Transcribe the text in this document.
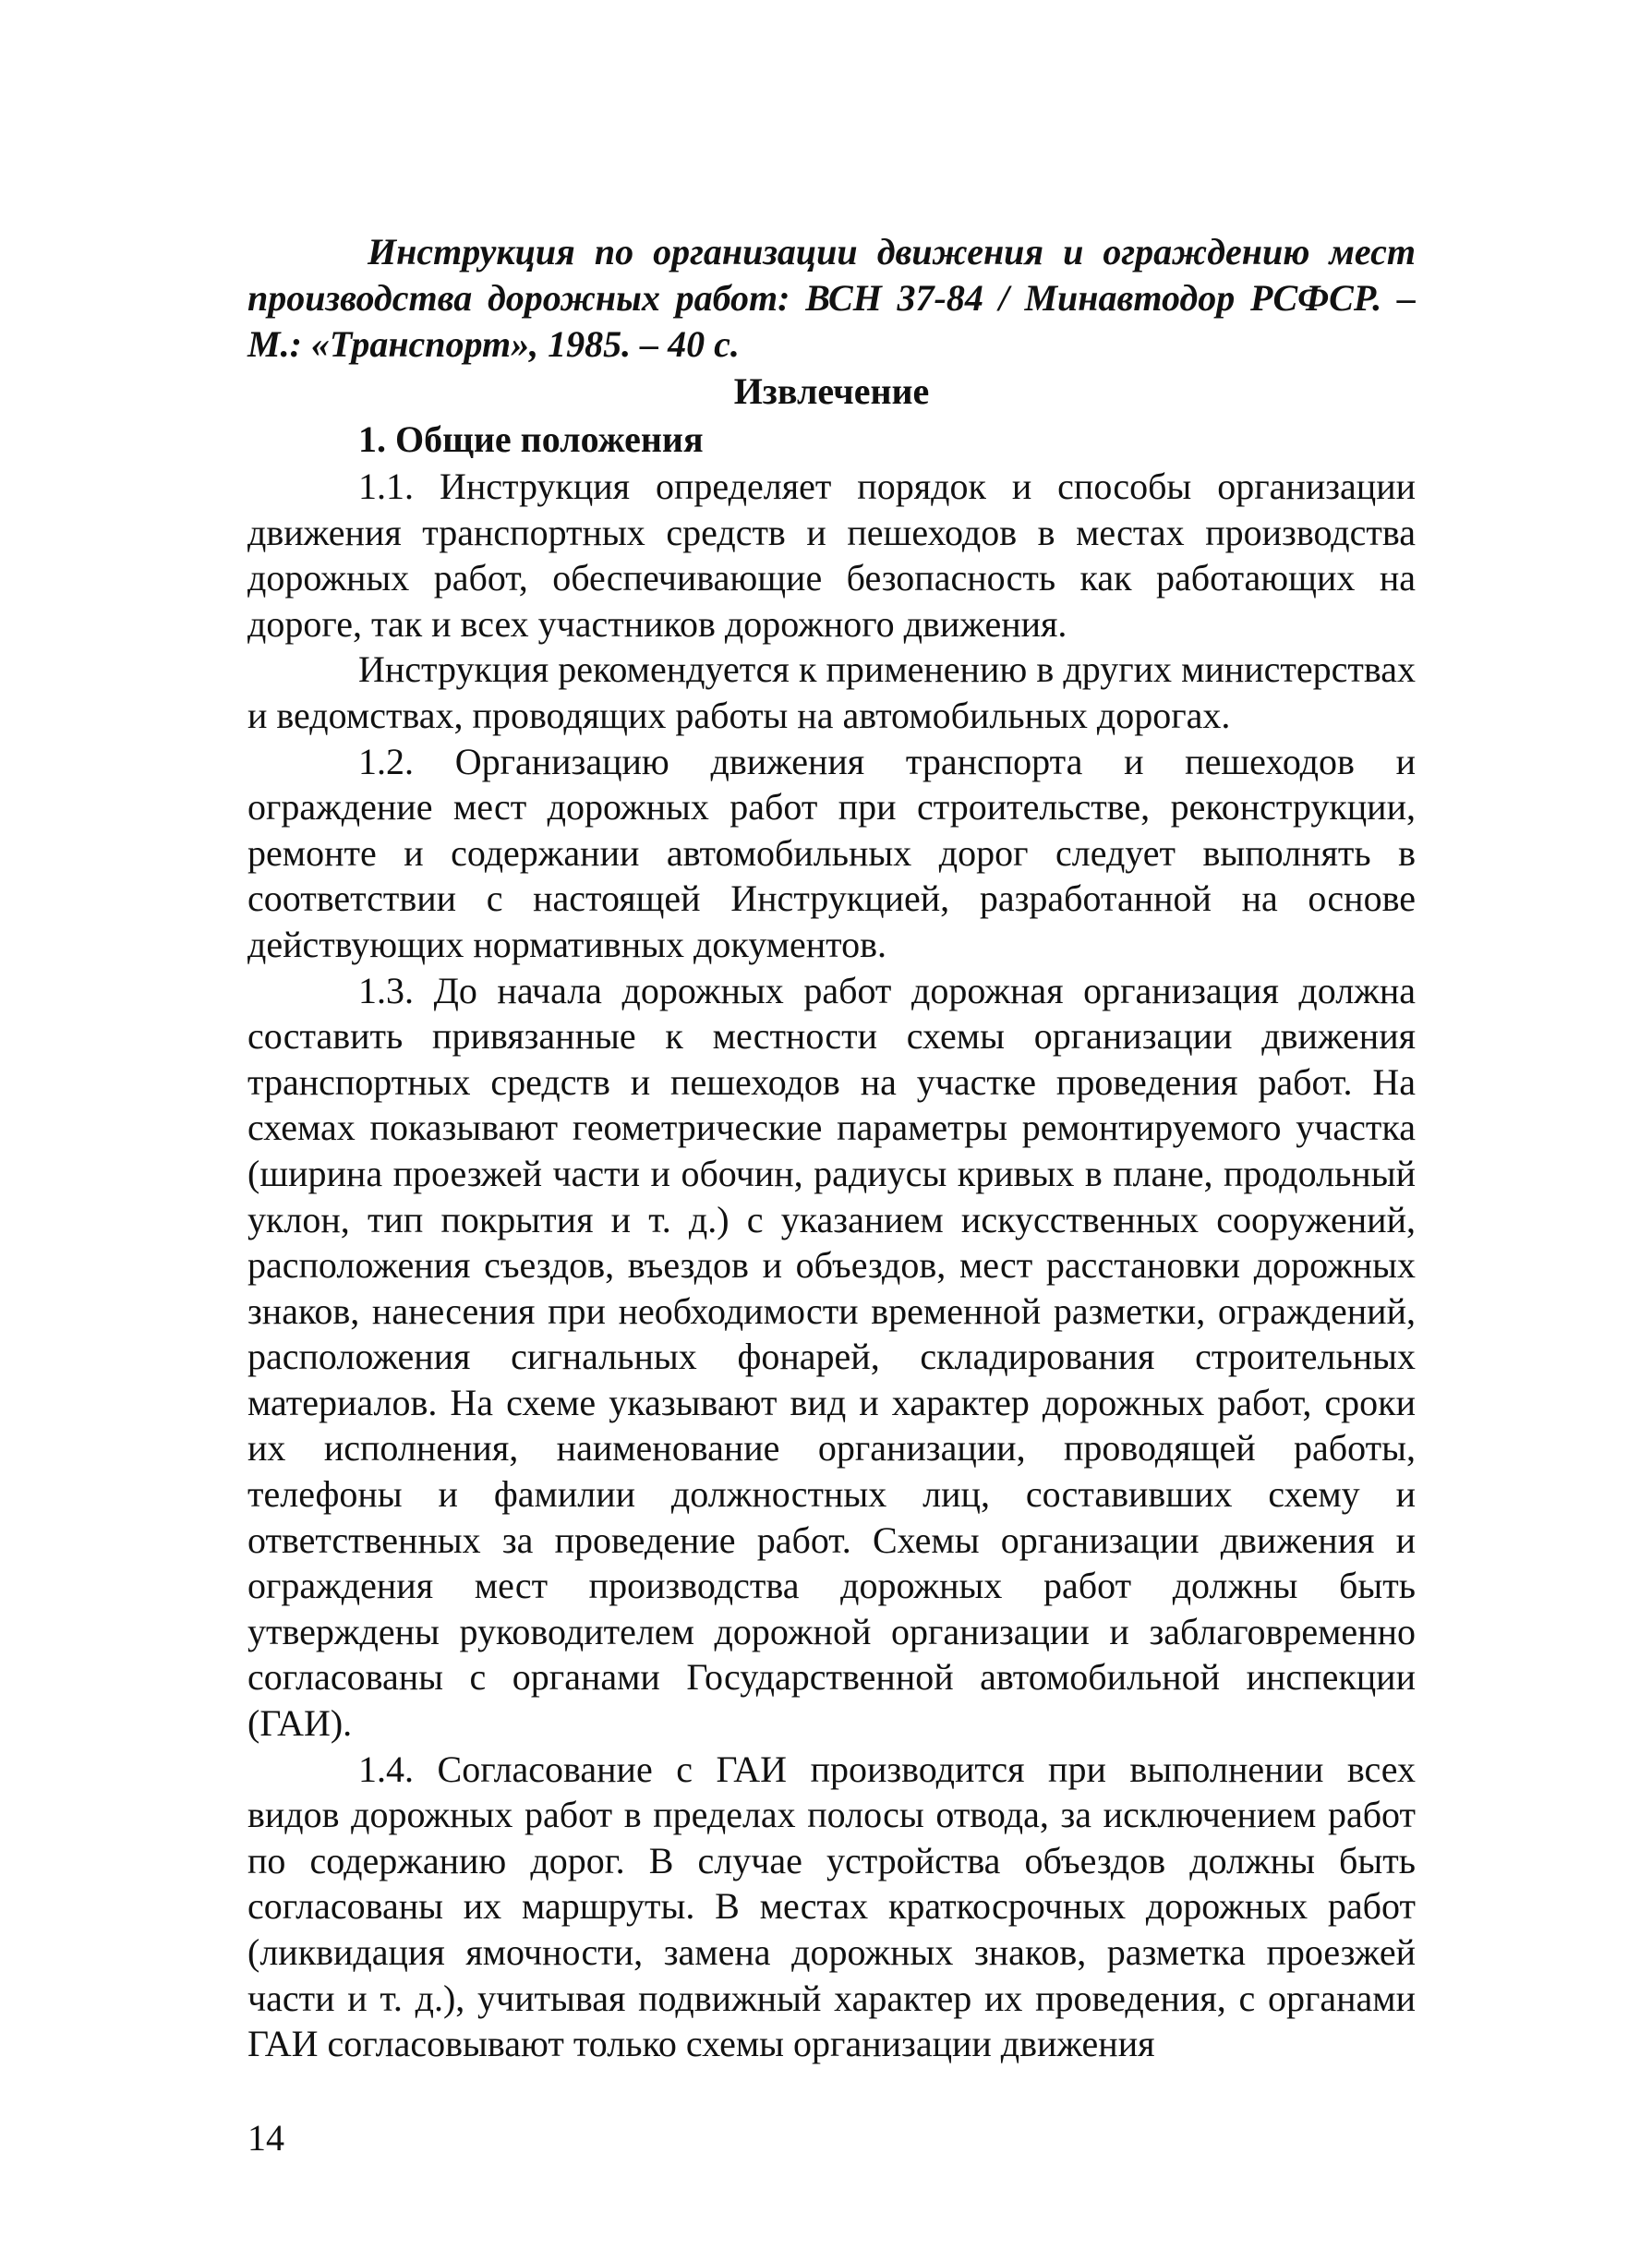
Инструкция по организации движения и ограждению мест производства дорожных работ: ВСН 37-84 / Минавтодор РСФСР. – М.: «Транспорт», 1985. – 40 с.

Извлечение

1. Общие положения

1.1. Инструкция определяет порядок и способы организации движения транспортных средств и пешеходов в местах производства дорожных работ, обеспечивающие безопасность как работающих на дороге, так и всех участников дорожного движения.

Инструкция рекомендуется к применению в других министерствах и ведомствах, проводящих работы на автомобильных дорогах.

1.2. Организацию движения транспорта и пешеходов и ограждение мест дорожных работ при строительстве, реконструкции, ремонте и содержании автомобильных дорог следует выполнять в соответствии с настоящей Инструкцией, разработанной на основе действующих нормативных документов.

1.3. До начала дорожных работ дорожная организация должна составить привязанные к местности схемы организации движения транспортных средств и пешеходов на участке проведения работ. На схемах показывают геометрические параметры ремонтируемого участка (ширина проезжей части и обочин, радиусы кривых в плане, продольный уклон, тип покрытия и т. д.) с указанием искусственных сооружений, расположения съездов, въездов и объездов, мест расстановки дорожных знаков, нанесения при необходимости временной разметки, ограждений, расположения сигнальных фонарей, складирования строительных материалов. На схеме указывают вид и характер дорожных работ, сроки их исполнения, наименование организации, проводящей работы, телефоны и фамилии должностных лиц, составивших схему и ответственных за проведение работ. Схемы организации движения и ограждения мест производства дорожных работ должны быть утверждены руководителем дорожной организации и заблаговременно согласованы с органами Государственной автомобильной инспекции (ГАИ).

1.4. Согласование с ГАИ производится при выполнении всех видов дорожных работ в пределах полосы отвода, за исключением работ по содержанию дорог. В случае устройства объездов должны быть согласованы их маршруты. В местах краткосрочных дорожных работ (ликвидация ямочности, замена дорожных знаков, разметка проезжей части и т. д.), учитывая подвижный характер их проведения, с органами ГАИ согласовывают только схемы организации движения

14
